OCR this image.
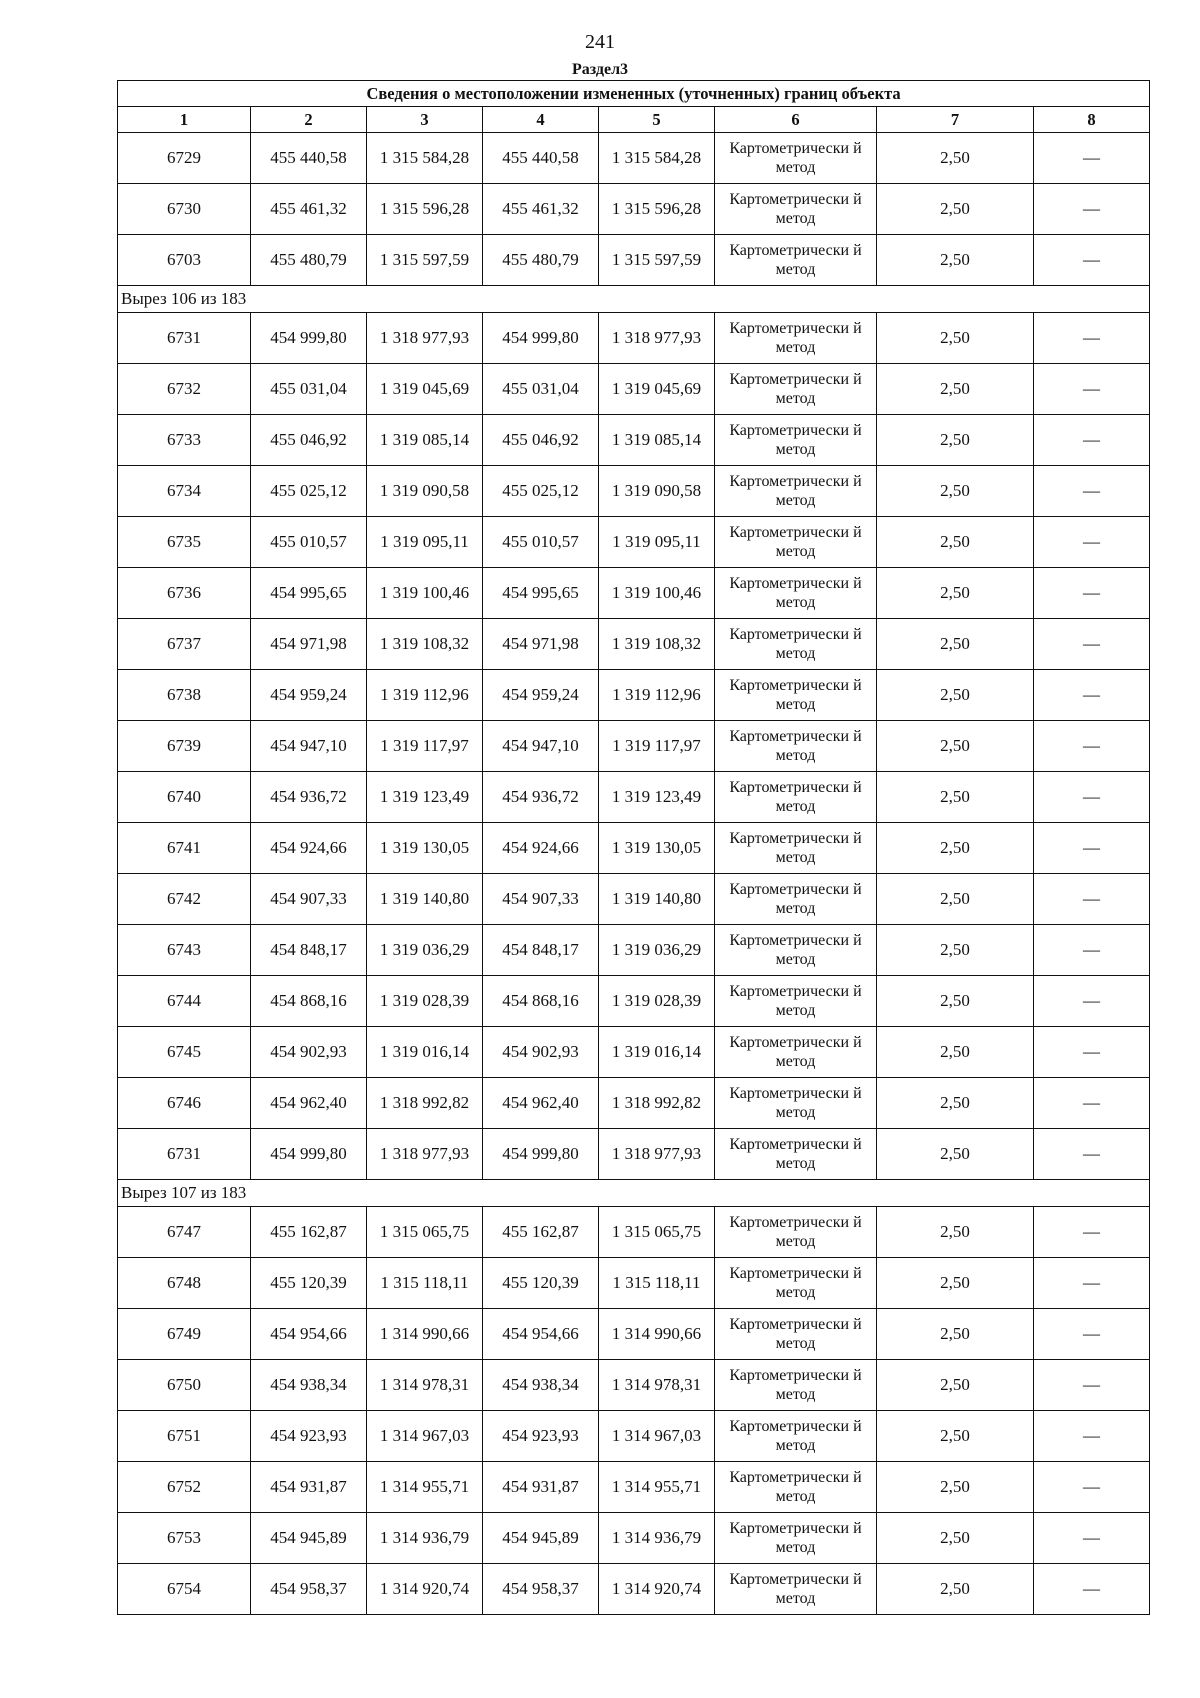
241
Раздел3
Сведения о местоположении измененных (уточненных) границ объекта							
1	2	3	4	5	6	7	8
6729	455 440,58	1 315 584,28	455 440,58	1 315 584,28	Картометрически й метод	2,50	—
6730	455 461,32	1 315 596,28	455 461,32	1 315 596,28	Картометрически й метод	2,50	—
6703	455 480,79	1 315 597,59	455 480,79	1 315 597,59	Картометрически й метод	2,50	—
Вырез 106 из 183							
6731	454 999,80	1 318 977,93	454 999,80	1 318 977,93	Картометрически й метод	2,50	—
6732	455 031,04	1 319 045,69	455 031,04	1 319 045,69	Картометрически й метод	2,50	—
6733	455 046,92	1 319 085,14	455 046,92	1 319 085,14	Картометрически й метод	2,50	—
6734	455 025,12	1 319 090,58	455 025,12	1 319 090,58	Картометрически й метод	2,50	—
6735	455 010,57	1 319 095,11	455 010,57	1 319 095,11	Картометрически й метод	2,50	—
6736	454 995,65	1 319 100,46	454 995,65	1 319 100,46	Картометрически й метод	2,50	—
6737	454 971,98	1 319 108,32	454 971,98	1 319 108,32	Картометрически й метод	2,50	—
6738	454 959,24	1 319 112,96	454 959,24	1 319 112,96	Картометрически й метод	2,50	—
6739	454 947,10	1 319 117,97	454 947,10	1 319 117,97	Картометрически й метод	2,50	—
6740	454 936,72	1 319 123,49	454 936,72	1 319 123,49	Картометрически й метод	2,50	—
6741	454 924,66	1 319 130,05	454 924,66	1 319 130,05	Картометрически й метод	2,50	—
6742	454 907,33	1 319 140,80	454 907,33	1 319 140,80	Картометрически й метод	2,50	—
6743	454 848,17	1 319 036,29	454 848,17	1 319 036,29	Картометрически й метод	2,50	—
6744	454 868,16	1 319 028,39	454 868,16	1 319 028,39	Картометрически й метод	2,50	—
6745	454 902,93	1 319 016,14	454 902,93	1 319 016,14	Картометрически й метод	2,50	—
6746	454 962,40	1 318 992,82	454 962,40	1 318 992,82	Картометрически й метод	2,50	—
6731	454 999,80	1 318 977,93	454 999,80	1 318 977,93	Картометрически й метод	2,50	—
Вырез 107 из 183							
6747	455 162,87	1 315 065,75	455 162,87	1 315 065,75	Картометрически й метод	2,50	—
6748	455 120,39	1 315 118,11	455 120,39	1 315 118,11	Картометрически й метод	2,50	—
6749	454 954,66	1 314 990,66	454 954,66	1 314 990,66	Картометрически й метод	2,50	—
6750	454 938,34	1 314 978,31	454 938,34	1 314 978,31	Картометрически й метод	2,50	—
6751	454 923,93	1 314 967,03	454 923,93	1 314 967,03	Картометрически й метод	2,50	—
6752	454 931,87	1 314 955,71	454 931,87	1 314 955,71	Картометрически й метод	2,50	—
6753	454 945,89	1 314 936,79	454 945,89	1 314 936,79	Картометрически й метод	2,50	—
6754	454 958,37	1 314 920,74	454 958,37	1 314 920,74	Картометрически й метод	2,50	—
